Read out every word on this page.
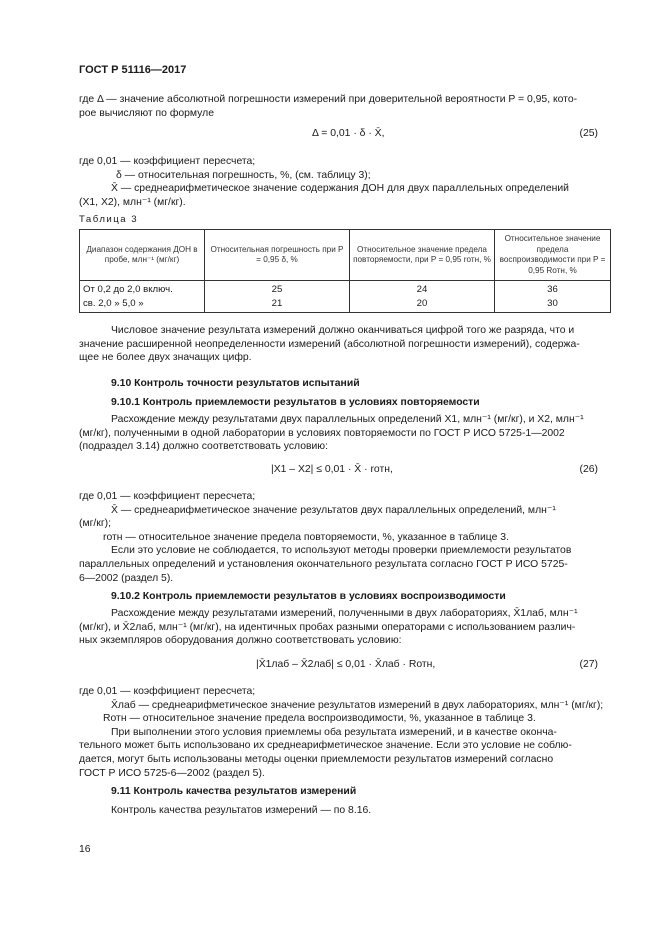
ГОСТ Р 51116—2017
где Δ — значение абсолютной погрешности измерений при доверительной вероятности P = 0,95, кото-
рое вычисляют по формуле
Δ = 0,01 · δ · X̄,	(25)
где 0,01 — коэффициент пересчета;
δ — относительная погрешность, %, (см. таблицу 3);
X̄ — среднеарифметическое значение содержания ДОН для двух параллельных определений
(X1, X2), млн⁻¹ (мг/кг).
Таблица 3
Диапазон содержания ДОН в пробе, млн⁻¹ (мг/кг)	Относительная погрешность при P = 0,95 δ, %	Относительное значение предела повторяемости, при P = 0,95 rотн, %	Относительное значение предела воспроизводимости при P = 0,95 Rотн, %
От 0,2 до 2,0 включ.	25	24	36
св. 2,0 » 5,0 »	21	20	30
Числовое значение результата измерений должно оканчиваться цифрой того же разряда, что и
значение расширенной неопределенности измерений (абсолютной погрешности измерений), содержа-
щее не более двух значащих цифр.
9.10 Контроль точности результатов испытаний
9.10.1 Контроль приемлемости результатов в условиях повторяемости
Расхождение между результатами двух параллельных определений X1, млн⁻¹ (мг/кг), и X2, млн⁻¹
(мг/кг), полученными в одной лаборатории в условиях повторяемости по ГОСТ Р ИСО 5725-1—2002
(подраздел 3.14) должно соответствовать условию:
|X1 – X2| ≤ 0,01 · X̄ · rотн,	(26)
где 0,01 — коэффициент пересчета;
X̄ — среднеарифметическое значение результатов двух параллельных определений, млн⁻¹
(мг/кг);
rотн — относительное значение предела повторяемости, %, указанное в таблице 3.
Если это условие не соблюдается, то используют методы проверки приемлемости результатов
параллельных определений и установления окончательного результата согласно ГОСТ Р ИСО 5725-
6—2002 (раздел 5).
9.10.2 Контроль приемлемости результатов в условиях воспроизводимости
Расхождение между результатами измерений, полученными в двух лабораториях, X̄1лаб, млн⁻¹
(мг/кг), и X̄2лаб, млн⁻¹ (мг/кг), на идентичных пробах разными операторами с использованием различ-
ных экземпляров оборудования должно соответствовать условию:
|X̄1лаб – X̄2лаб| ≤ 0,01 · X̄лаб · Rотн,	(27)
где 0,01 — коэффициент пересчета;
X̄лаб — среднеарифметическое значение результатов измерений в двух лабораториях, млн⁻¹ (мг/кг);
Rотн — относительное значение предела воспроизводимости, %, указанное в таблице 3.
При выполнении этого условия приемлемы оба результата измерений, и в качестве оконча-
тельного может быть использовано их среднеарифметическое значение. Если это условие не соблю-
дается, могут быть использованы методы оценки приемлемости результатов измерений согласно
ГОСТ Р ИСО 5725-6—2002 (раздел 5).
9.11 Контроль качества результатов измерений
Контроль качества результатов измерений — по 8.16.
16
